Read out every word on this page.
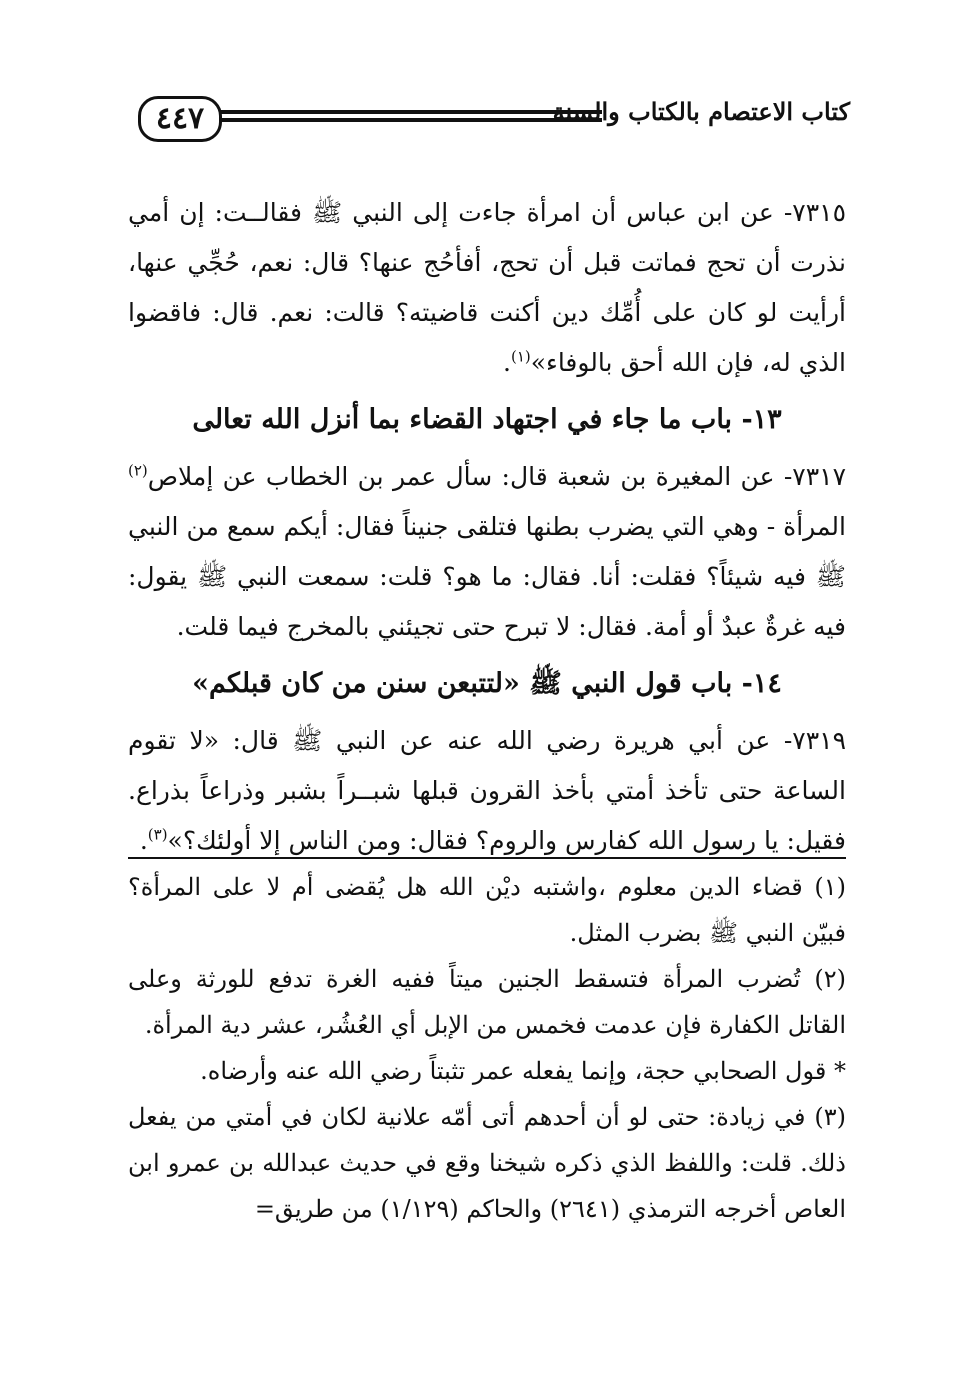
٤٤٧	كتاب الاعتصام بالكتاب والسنة

٧٣١٥- عن ابن عباس أن امرأة جاءت إلى النبي ﷺ فقالــت: إن أمي نذرت أن تحج فماتت قبل أن تحج، أفأحُج عنها؟ قال: نعم، حُجِّي عنها، أرأيت لو كان على أُمِّك دين أكنت قاضيته؟ قالت: نعم. قال: فاقضوا الذي له، فإن الله أحق بالوفاء»$^{(١)}$.

١٣- باب ما جاء في اجتهاد القضاء بما أنزل الله تعالى

٧٣١٧- عن المغيرة بن شعبة قال: سأل عمر بن الخطاب عن إملاص$^{(٢)}$ المرأة - وهي التي يضرب بطنها فتلقى جنيناً فقال: أيكم سمع من النبي ﷺ فيه شيئاً؟ فقلت: أنا. فقال: ما هو؟ قلت: سمعت النبي ﷺ يقول: فيه غرةٌ عبدٌ أو أمة. فقال: لا تبرح حتى تجيئني بالمخرج فيما قلت.

١٤- باب قول النبي ﷺ «لتتبعن سنن من كان قبلكم»

٧٣١٩- عن أبي هريرة رضي الله عنه عن النبي ﷺ قال: «لا تقوم الساعة حتى تأخذ أمتي بأخذ القرون قبلها شبــراً بشبر وذراعاً بذراع. فقيل: يا رسول الله كفارس والروم؟ فقال: ومن الناس إلا أولئك؟»$^{(٣)}$.

(١) قضاء الدين معلوم ،واشتبه ديْن الله هل يُقضى أم لا على المرأة؟ فبيّن النبي ﷺ بضرب المثل.

(٢) تُضرب المرأة فتسقط الجنين ميتاً ففيه الغرة تدفع للورثة وعلى القاتل الكفارة فإن عدمت فخمس من الإبل أي العُشُر، عشر دية المرأة.

* قول الصحابي حجة، وإنما يفعله عمر تثبتاً رضي الله عنه وأرضاه.

(٣) في زيادة: حتى لو أن أحدهم أتى أمّه علانية لكان في أمتي من يفعل ذلك. قلت: واللفظ الذي ذكره شيخنا وقع في حديث عبدالله بن عمرو ابن العاص أخرجه الترمذي (٢٦٤١) والحاكم (١/١٢٩) من طريق=
